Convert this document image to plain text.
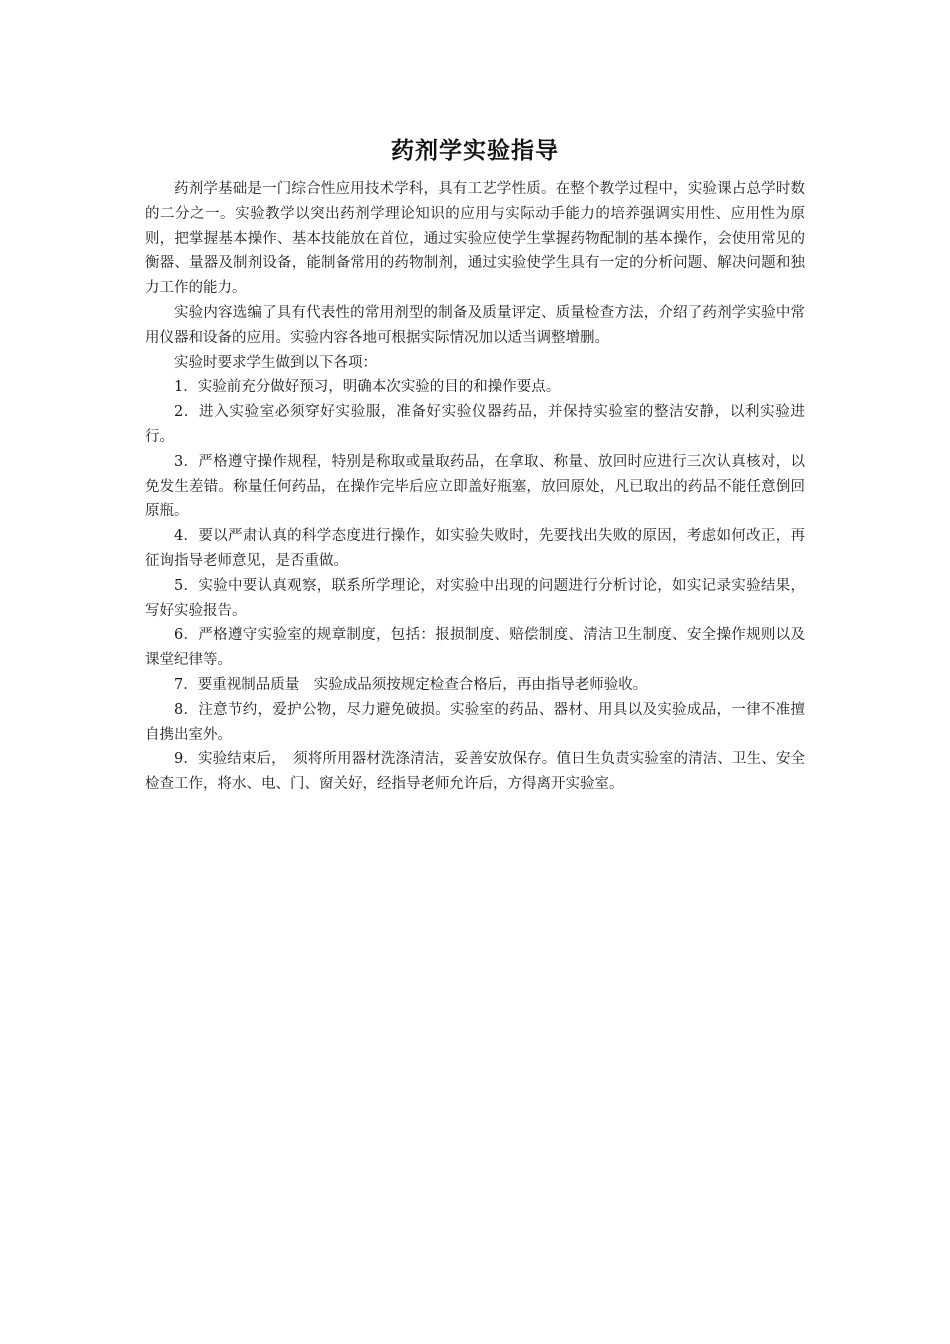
药剂学实验指导

药剂学基础是一门综合性应用技术学科，具有工艺学性质。在整个教学过程中，实验课占总学时数的二分之一。实验教学以突出药剂学理论知识的应用与实际动手能力的培养强调实用性、应用性为原则，把掌握基本操作、基本技能放在首位，通过实验应使学生掌握药物配制的基本操作，会使用常见的衡器、量器及制剂设备，能制备常用的药物制剂，通过实验使学生具有一定的分析问题、解决问题和独力工作的能力。

实验内容选编了具有代表性的常用剂型的制备及质量评定、质量检查方法，介绍了药剂学实验中常用仪器和设备的应用。实验内容各地可根据实际情况加以适当调整增删。

实验时要求学生做到以下各项：

1．实验前充分做好预习，明确本次实验的目的和操作要点。

2．进入实验室必须穿好实验服，准备好实验仪器药品，并保持实验室的整洁安静，以利实验进行。

3．严格遵守操作规程，特别是称取或量取药品，在拿取、称量、放回时应进行三次认真核对，以免发生差错。称量任何药品，在操作完毕后应立即盖好瓶塞，放回原处，凡已取出的药品不能任意倒回原瓶。

4．要以严肃认真的科学态度进行操作，如实验失败时，先要找出失败的原因，考虑如何改正，再征询指导老师意见，是否重做。

5．实验中要认真观察，联系所学理论，对实验中出现的问题进行分析讨论，如实记录实验结果，写好实验报告。

6．严格遵守实验室的规章制度，包括：报损制度、赔偿制度、清洁卫生制度、安全操作规则以及课堂纪律等。

7．要重视制品质量　实验成品须按规定检查合格后，再由指导老师验收。

8．注意节约，爱护公物，尽力避免破损。实验室的药品、器材、用具以及实验成品，一律不准擅自携出室外。

9．实验结束后，　须将所用器材洗涤清洁，妥善安放保存。值日生负责实验室的清洁、卫生、安全检查工作，将水、电、门、窗关好，经指导老师允许后，方得离开实验室。
